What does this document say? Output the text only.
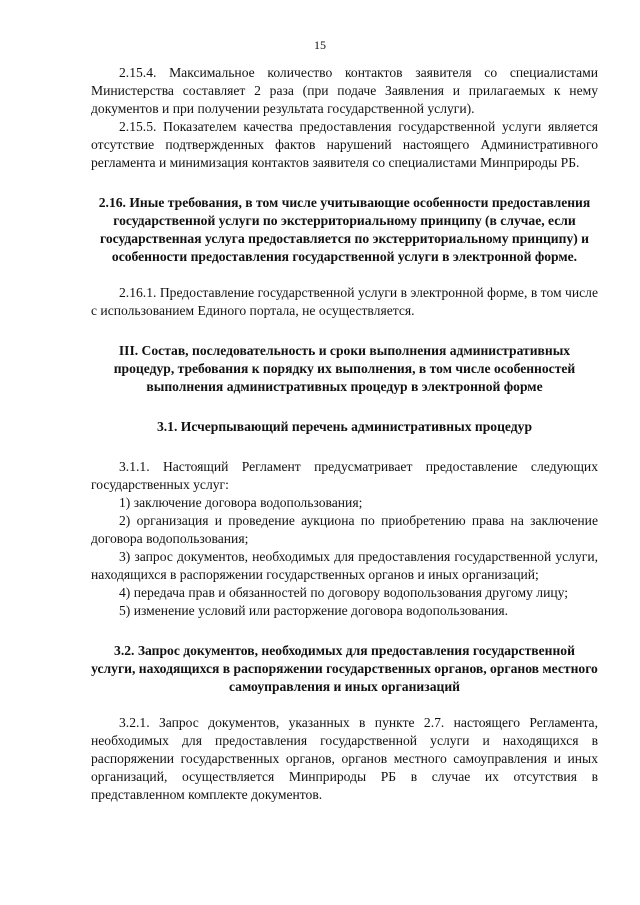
15

2.15.4. Максимальное количество контактов заявителя со специалистами Министерства составляет 2 раза (при подаче Заявления и прилагаемых к нему документов и при получении результата государственной услуги).

2.15.5. Показателем качества предоставления государственной услуги является отсутствие подтвержденных фактов нарушений настоящего Административного регламента и минимизация контактов заявителя со специалистами Минприроды РБ.

2.16. Иные требования, в том числе учитывающие особенности предоставления государственной услуги по экстерриториальному принципу (в случае, если государственная услуга предоставляется по экстерриториальному принципу) и особенности предоставления государственной услуги в электронной форме.

2.16.1. Предоставление государственной услуги в электронной форме, в том числе с использованием Единого портала, не осуществляется.

III. Состав, последовательность и сроки выполнения административных процедур, требования к порядку их выполнения, в том числе особенностей выполнения административных процедур в электронной форме

3.1. Исчерпывающий перечень административных процедур

3.1.1. Настоящий Регламент предусматривает предоставление следующих государственных услуг:

1) заключение договора водопользования;

2) организация и проведение аукциона по приобретению права на заключение договора водопользования;

3) запрос документов, необходимых для предоставления государственной услуги, находящихся в распоряжении государственных органов и иных организаций;

4) передача прав и обязанностей по договору водопользования другому лицу;

5) изменение условий или расторжение договора водопользования.

3.2. Запрос документов, необходимых для предоставления государственной услуги, находящихся в распоряжении государственных органов, органов местного самоуправления и иных организаций

3.2.1. Запрос документов, указанных в пункте 2.7. настоящего Регламента, необходимых для предоставления государственной услуги и находящихся в распоряжении государственных органов, органов местного самоуправления и иных организаций, осуществляется Минприроды РБ в случае их отсутствия в представленном комплекте документов.
